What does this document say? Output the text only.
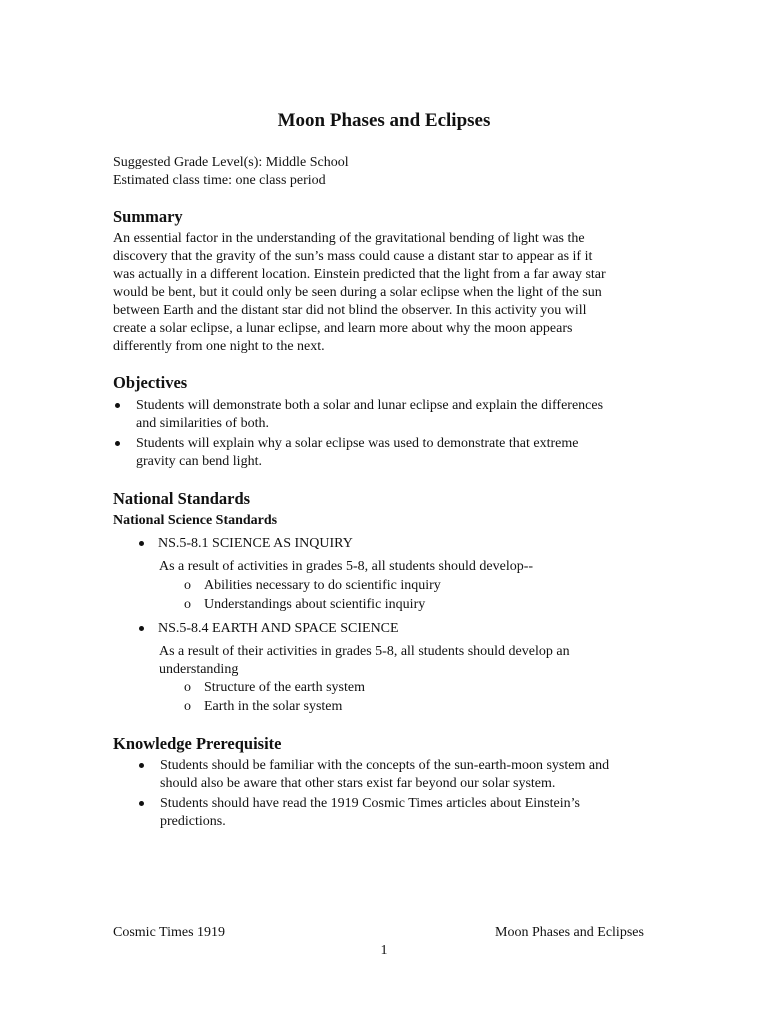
Moon Phases and Eclipses
Suggested Grade Level(s): Middle School
Estimated class time: one class period
Summary
An essential factor in the understanding of the gravitational bending of light was the
discovery that the gravity of the sun’s mass could cause a distant star to appear as if it
was actually in a different location. Einstein predicted that the light from a far away star
would be bent, but it could only be seen during a solar eclipse when the light of the sun
between Earth and the distant star did not blind the observer. In this activity you will
create a solar eclipse, a lunar eclipse, and learn more about why the moon appears
differently from one night to the next.
Objectives
Students will demonstrate both a solar and lunar eclipse and explain the differences
and similarities of both.
Students will explain why a solar eclipse was used to demonstrate that extreme
gravity can bend light.
National Standards
National Science Standards
NS.5-8.1 SCIENCE AS INQUIRY
As a result of activities in grades 5-8, all students should develop--
o Abilities necessary to do scientific inquiry
o Understandings about scientific inquiry
NS.5-8.4 EARTH AND SPACE SCIENCE
As a result of their activities in grades 5-8, all students should develop an
understanding
o Structure of the earth system
o Earth in the solar system
Knowledge Prerequisite
Students should be familiar with the concepts of the sun-earth-moon system and
should also be aware that other stars exist far beyond our solar system.
Students should have read the 1919 Cosmic Times articles about Einstein’s
predictions.
Cosmic Times 1919	Moon Phases and Eclipses
1
